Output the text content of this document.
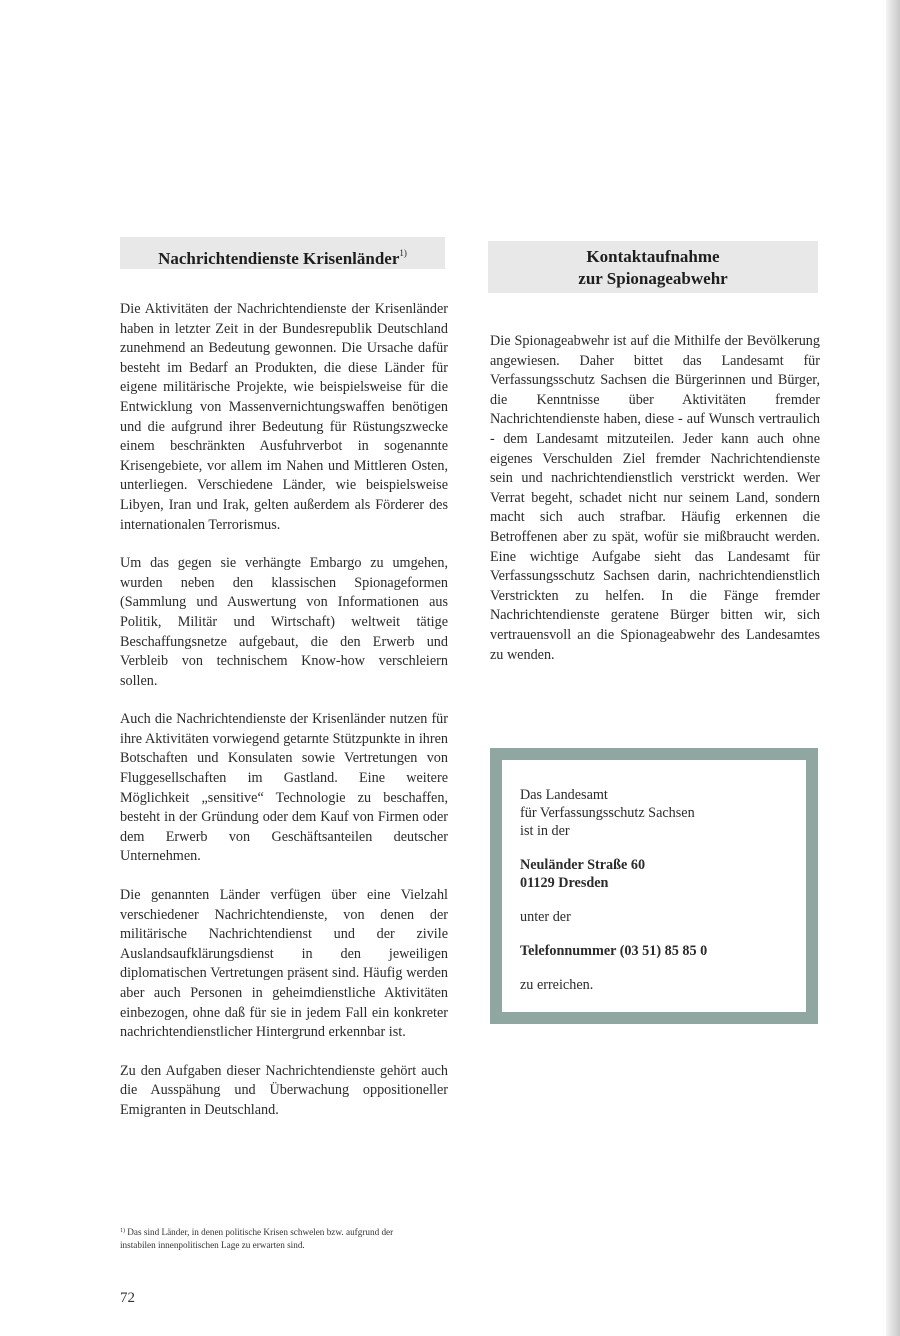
Nachrichtendienste Krisenländer$^{1)}$	Kontaktaufnahme
zur Spionageabwehr

Die Aktivitäten der Nachrichtendienste der Krisenländer haben in letzter Zeit in der Bundesrepublik Deutschland zunehmend an Bedeutung gewonnen. Die Ursache dafür besteht im Bedarf an Produkten, die diese Länder für eigene militärische Projekte, wie beispielsweise für die Entwicklung von Massenvernichtungswaffen benötigen und die aufgrund ihrer Bedeutung für Rüstungszwecke einem beschränkten Ausfuhrverbot in sogenannte Krisengebiete, vor allem im Nahen und Mittleren Osten, unterliegen. Verschiedene Länder, wie beispielsweise Libyen, Iran und Irak, gelten außerdem als Förderer des internationalen Terrorismus.

Um das gegen sie verhängte Embargo zu umgehen, wurden neben den klassischen Spionageformen (Sammlung und Auswertung von Informationen aus Politik, Militär und Wirtschaft) weltweit tätige Beschaffungsnetze aufgebaut, die den Erwerb und Verbleib von technischem Know-how verschleiern sollen.

Auch die Nachrichtendienste der Krisenländer nutzen für ihre Aktivitäten vorwiegend getarnte Stützpunkte in ihren Botschaften und Konsulaten sowie Vertretungen von Fluggesellschaften im Gastland. Eine weitere Möglichkeit „sensitive“ Technologie zu beschaffen, besteht in der Gründung oder dem Kauf von Firmen oder dem Erwerb von Geschäftsanteilen deutscher Unternehmen.

Die genannten Länder verfügen über eine Vielzahl verschiedener Nachrichtendienste, von denen der militärische Nachrichtendienst und der zivile Auslandsaufklärungsdienst in den jeweiligen diplomatischen Vertretungen präsent sind. Häufig werden aber auch Personen in geheimdienstliche Aktivitäten einbezogen, ohne daß für sie in jedem Fall ein konkreter nachrichtendienstlicher Hintergrund erkennbar ist.

Zu den Aufgaben dieser Nachrichtendienste gehört auch die Ausspähung und Überwachung oppositioneller Emigranten in Deutschland.

Die Spionageabwehr ist auf die Mithilfe der Bevölkerung angewiesen. Daher bittet das Landesamt für Verfassungsschutz Sachsen die Bürgerinnen und Bürger, die Kenntnisse über Aktivitäten fremder Nachrichtendienste haben, diese - auf Wunsch vertraulich - dem Landesamt mitzuteilen. Jeder kann auch ohne eigenes Verschulden Ziel fremder Nachrichtendienste sein und nachrichtendienstlich verstrickt werden. Wer Verrat begeht, schadet nicht nur seinem Land, sondern macht sich auch strafbar. Häufig erkennen die Betroffenen aber zu spät, wofür sie mißbraucht werden. Eine wichtige Aufgabe sieht das Landesamt für Verfassungsschutz Sachsen darin, nachrichtendienstlich Verstrickten zu helfen. In die Fänge fremder Nachrichtendienste geratene Bürger bitten wir, sich vertrauensvoll an die Spionageabwehr des Landesamtes zu wenden.

Das Landesamt
für Verfassungsschutz Sachsen
ist in der
Neuländer Straße 60
01129 Dresden
unter der
Telefonnummer (03 51) 85 85 0
zu erreichen.
$^{1)}$ Das sind Länder, in denen politische Krisen schwelen bzw. aufgrund der instabilen innenpolitischen Lage zu erwarten sind.
72
